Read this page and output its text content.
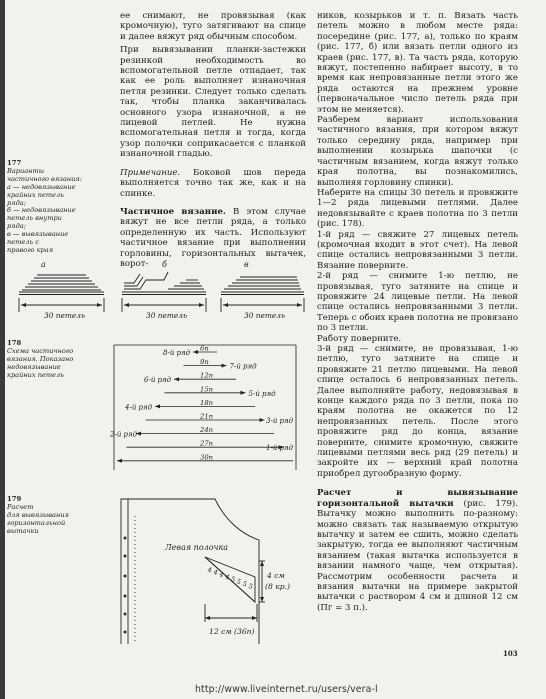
ее снимают, не провязывая (как кромочную), туго затягивают на спице и далее вяжут ряд обычным способом.

При вывязывании планки-застежки резинкой необходимость во вспомогательной петле отпадает, так как ее роль выполняет изнаночная петля резинки. Следует только сделать так, чтобы планка заканчивалась основного узора изнаночной, а не лицевой петлей. Не нужна вспомогательная петля и тогда, когда узор полочки соприкасается с планкой изнаночной гладью.

Примечание. Боковой шов переда выполняется точно так же, как и на спинке.

Частичное вязание. В этом случае вяжут не все петли ряда, а только определенную их часть. Используют частичное вязание при выполнении горловины, горизонтальных вытачек, ворот-

ников, козырьков и т. п. Вязать часть петель можно в любом месте ряда: посередине (рис. 177, а), только по краям (рис. 177, б) или вязать петли одного из краев (рис. 177, в). Та часть ряда, которую вяжут, постепенно набирает высоту, в то время как непровязанные петли этого же ряда остаются на прежнем уровне (первоначальное число петель ряда при этом не меняется).

Разберем вариант использования частичного вязания, при котором вяжут только середину ряда, например при выполнении козырька шапочки (с частичным вязанием, когда вяжут только края полотна, вы познакомились, выполняя горловину спинки).

Наберите на спицы 30 петель и провяжите 1—2 ряда лицевыми петлями. Далее недовязывайте с краев полотна по 3 петли (рис. 178).

1-й ряд — свяжите 27 лицевых петель (кромочная входит в этот счет). На левой спице остались непровязанными 3 петли. Вязание поверните.

2-й ряд — снимите 1-ю петлю, не провязывая, туго затяните на спице и провяжите 24 лицевые петли. На левой спице остались непровязанными 3 петли. Теперь с обоих краев полотна не провязано по 3 петли.

Работу поверните.

3-й ряд — снимите, не провязывая, 1-ю петлю, туго затяните на спице и провяжите 21 петлю лицевыми. На левой спице осталось 6 непровязанных петель. Далее выполняйте работу, недовязывая в конце каждого ряда по 3 петли, пока по краям полотна не окажется по 12 непровязанных петель. После этого провяжите ряд до конца, вязание поверните, снимите кромочную, свяжите лицевыми петлями весь ряд (29 петель) и закройте их — верхний край полотна приобрел дугообразную форму.

Расчет и вывязывание горизонтальной вытачки (рис. 179). Вытачку можно выполнить по-разному: можно связать так называемую открытую вытачку и затем ее сшить, можно сделать закрытую, тогда ее выполняют частичным вязанием (такая вытачка используется в вязании намного чаще, чем открытая). Рассмотрим особенности расчета и вязания вытачки на примере закрытой вытачки с раствором 4 см и длиной 12 см (Пг = 3 п.).

177
Варианты
частичного вязания:
а — недовязывание
крайних петель
ряда;
б — недовязывание
петель внутри
ряда;
в — вывязывание
петель с
правого края
178
Схема частичного
вязания. Показано
недовязывание
крайних петель
179
Расчет
для вывязывания
горизонтальной
вытачки
а	б	в
30 петель	30 петель	30 петель
6п
9п
12п
15п
18п
21п
24п
27п
30п
8-й ряд
6-й ряд
4-й ряд
2-й ряд
7-й ряд
5-й ряд
3-й ряд
1-й ряд
Левая полочка
4 4 4 4 5 5 5 5 4 см
(8 кр.)
12 см (36п)
103
http://www.liveinternet.ru/users/vera-l
